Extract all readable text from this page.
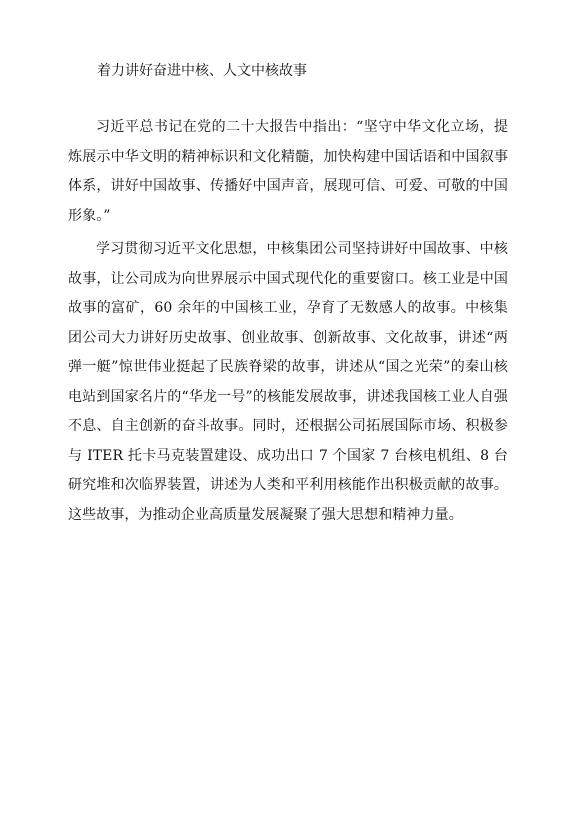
着力讲好奋进中核、人文中核故事

习近平总书记在党的二十大报告中指出：“坚守中华文化立场，提炼展示中华文明的精神标识和文化精髓，加快构建中国话语和中国叙事体系，讲好中国故事、传播好中国声音，展现可信、可爱、可敬的中国形象。”

学习贯彻习近平文化思想，中核集团公司坚持讲好中国故事、中核故事，让公司成为向世界展示中国式现代化的重要窗口。核工业是中国故事的富矿，60 余年的中国核工业，孕育了无数感人的故事。中核集团公司大力讲好历史故事、创业故事、创新故事、文化故事，讲述“两弹一艇”惊世伟业挺起了民族脊梁的故事，讲述从“国之光荣”的秦山核电站到国家名片的“华龙一号”的核能发展故事，讲述我国核工业人自强不息、自主创新的奋斗故事。同时，还根据公司拓展国际市场、积极参与 ITER 托卡马克装置建设、成功出口 7 个国家 7 台核电机组、8 台研究堆和次临界装置，讲述为人类和平利用核能作出积极贡献的故事。这些故事，为推动企业高质量发展凝聚了强大思想和精神力量。
